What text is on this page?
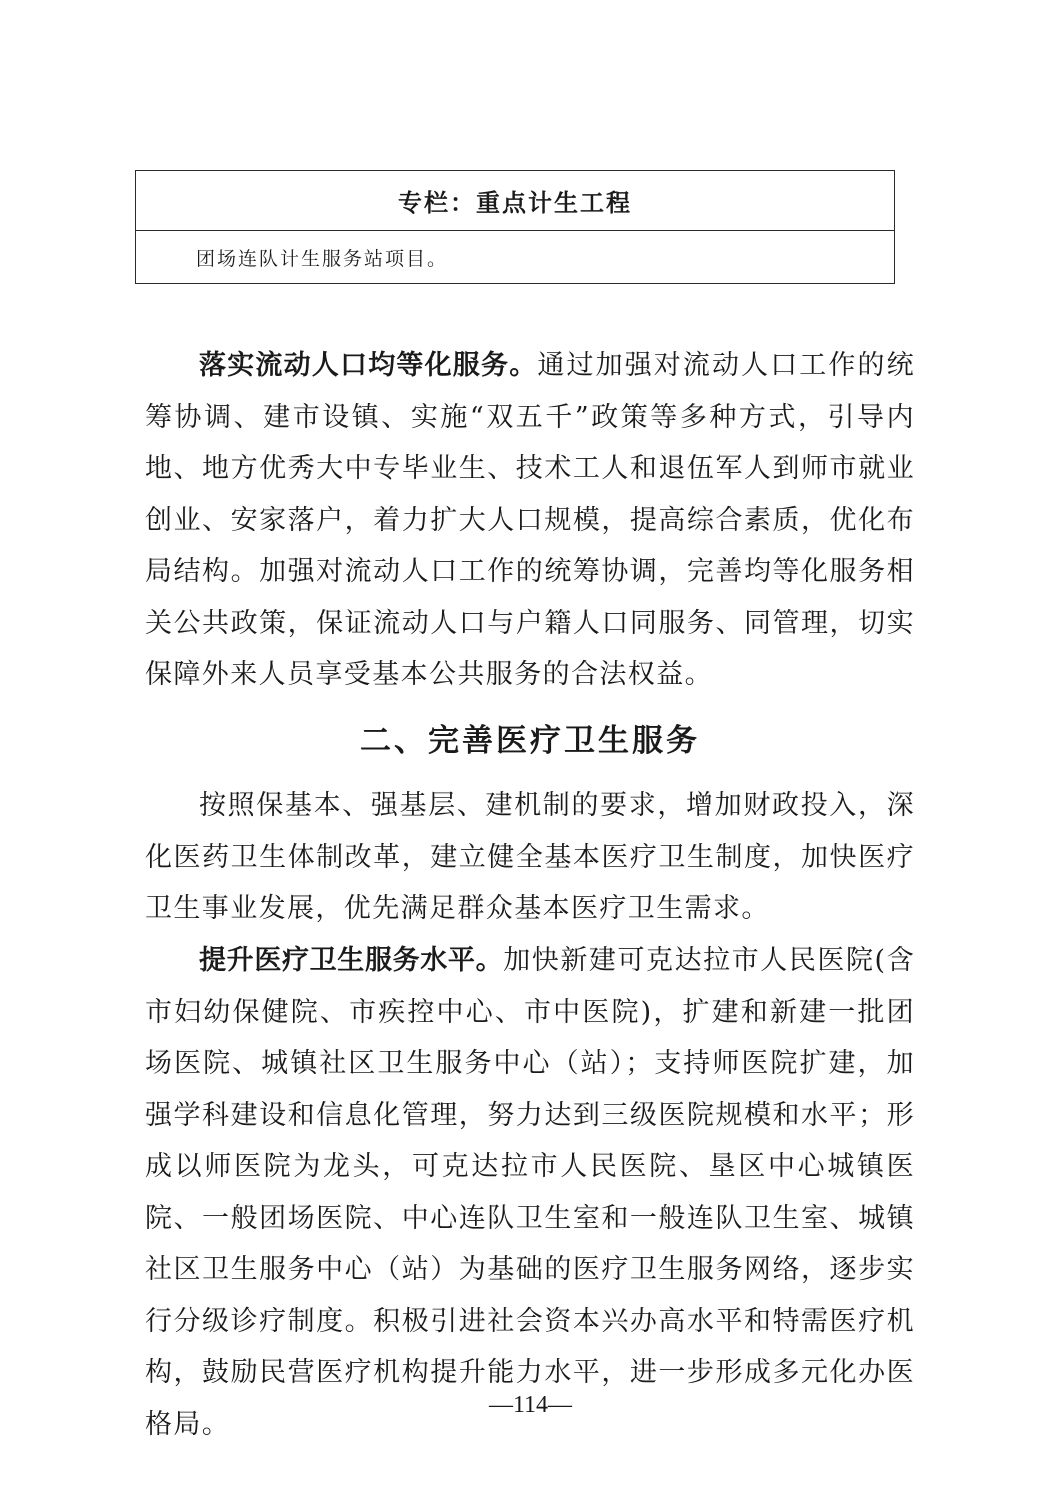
专栏：重点计生工程
团场连队计生服务站项目。

落实流动人口均等化服务。通过加强对流动人口工作的统筹协调、建市设镇、实施“双五千”政策等多种方式，引导内地、地方优秀大中专毕业生、技术工人和退伍军人到师市就业创业、安家落户，着力扩大人口规模，提高综合素质，优化布局结构。加强对流动人口工作的统筹协调，完善均等化服务相关公共政策，保证流动人口与户籍人口同服务、同管理，切实保障外来人员享受基本公共服务的合法权益。

二、完善医疗卫生服务

按照保基本、强基层、建机制的要求，增加财政投入，深化医药卫生体制改革，建立健全基本医疗卫生制度，加快医疗卫生事业发展，优先满足群众基本医疗卫生需求。

提升医疗卫生服务水平。加快新建可克达拉市人民医院(含市妇幼保健院、市疾控中心、市中医院)，扩建和新建一批团场医院、城镇社区卫生服务中心（站）；支持师医院扩建，加强学科建设和信息化管理，努力达到三级医院规模和水平；形成以师医院为龙头，可克达拉市人民医院、垦区中心城镇医院、一般团场医院、中心连队卫生室和一般连队卫生室、城镇社区卫生服务中心（站）为基础的医疗卫生服务网络，逐步实行分级诊疗制度。积极引进社会资本兴办高水平和特需医疗机构，鼓励民营医疗机构提升能力水平，进一步形成多元化办医格局。

—114—
